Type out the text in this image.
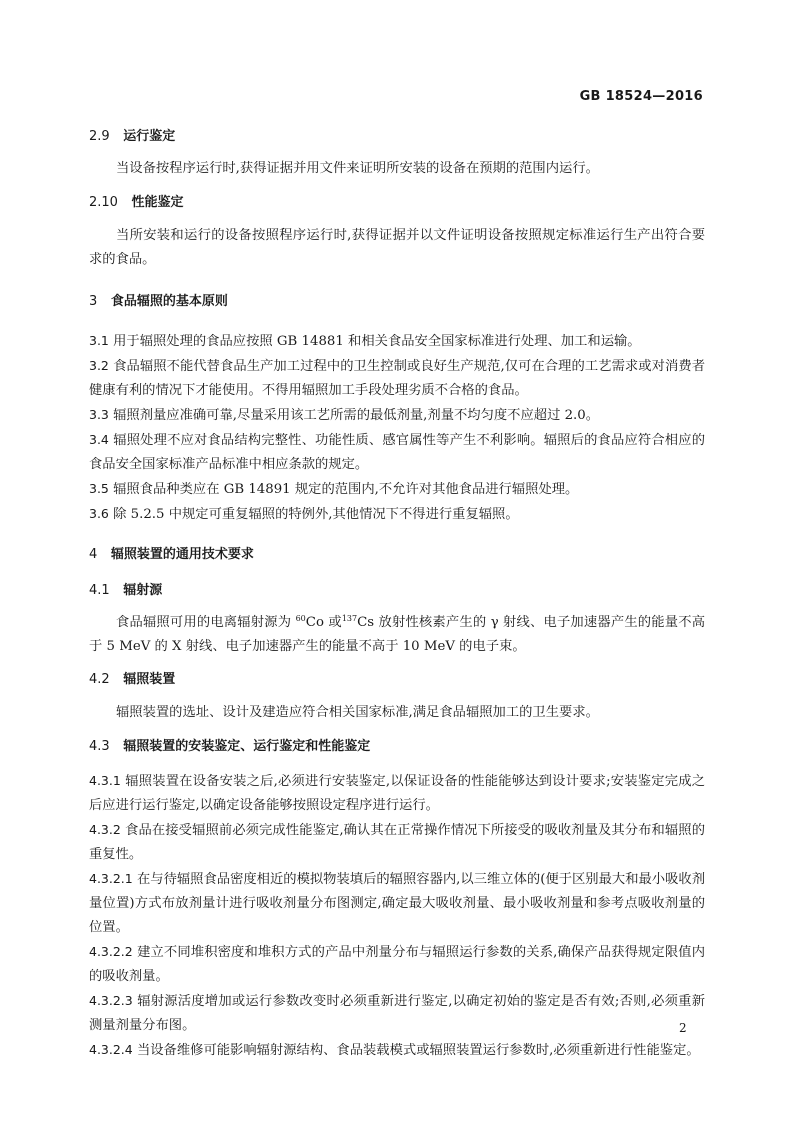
GB 18524—2016
2.9 运行鉴定
当设备按程序运行时,获得证据并用文件来证明所安装的设备在预期的范围内运行。
2.10 性能鉴定
当所安装和运行的设备按照程序运行时,获得证据并以文件证明设备按照规定标准运行生产出符合要求的食品。
3 食品辐照的基本原则
3.1 用于辐照处理的食品应按照 GB 14881 和相关食品安全国家标准进行处理、加工和运输。
3.2 食品辐照不能代替食品生产加工过程中的卫生控制或良好生产规范,仅可在合理的工艺需求或对消费者健康有利的情况下才能使用。不得用辐照加工手段处理劣质不合格的食品。
3.3 辐照剂量应准确可靠,尽量采用该工艺所需的最低剂量,剂量不均匀度不应超过 2.0。
3.4 辐照处理不应对食品结构完整性、功能性质、感官属性等产生不利影响。辐照后的食品应符合相应的食品安全国家标准产品标准中相应条款的规定。
3.5 辐照食品种类应在 GB 14891 规定的范围内,不允许对其他食品进行辐照处理。
3.6 除 5.2.5 中规定可重复辐照的特例外,其他情况下不得进行重复辐照。
4 辐照装置的通用技术要求
4.1 辐射源
食品辐照可用的电离辐射源为 $^{60}$Co 或$^{137}$Cs 放射性核素产生的 γ 射线、电子加速器产生的能量不高于 5 MeV 的 X 射线、电子加速器产生的能量不高于 10 MeV 的电子束。
4.2 辐照装置
辐照装置的选址、设计及建造应符合相关国家标准,满足食品辐照加工的卫生要求。
4.3 辐照装置的安装鉴定、运行鉴定和性能鉴定
4.3.1 辐照装置在设备安装之后,必须进行安装鉴定,以保证设备的性能能够达到设计要求;安装鉴定完成之后应进行运行鉴定,以确定设备能够按照设定程序进行运行。
4.3.2 食品在接受辐照前必须完成性能鉴定,确认其在正常操作情况下所接受的吸收剂量及其分布和辐照的重复性。
4.3.2.1 在与待辐照食品密度相近的模拟物装填后的辐照容器内,以三维立体的(便于区别最大和最小吸收剂量位置)方式布放剂量计进行吸收剂量分布图测定,确定最大吸收剂量、最小吸收剂量和参考点吸收剂量的位置。
4.3.2.2 建立不同堆积密度和堆积方式的产品中剂量分布与辐照运行参数的关系,确保产品获得规定限值内的吸收剂量。
4.3.2.3 辐射源活度增加或运行参数改变时必须重新进行鉴定,以确定初始的鉴定是否有效;否则,必须重新测量剂量分布图。
4.3.2.4 当设备维修可能影响辐射源结构、食品装载模式或辐照装置运行参数时,必须重新进行性能鉴定。
2
